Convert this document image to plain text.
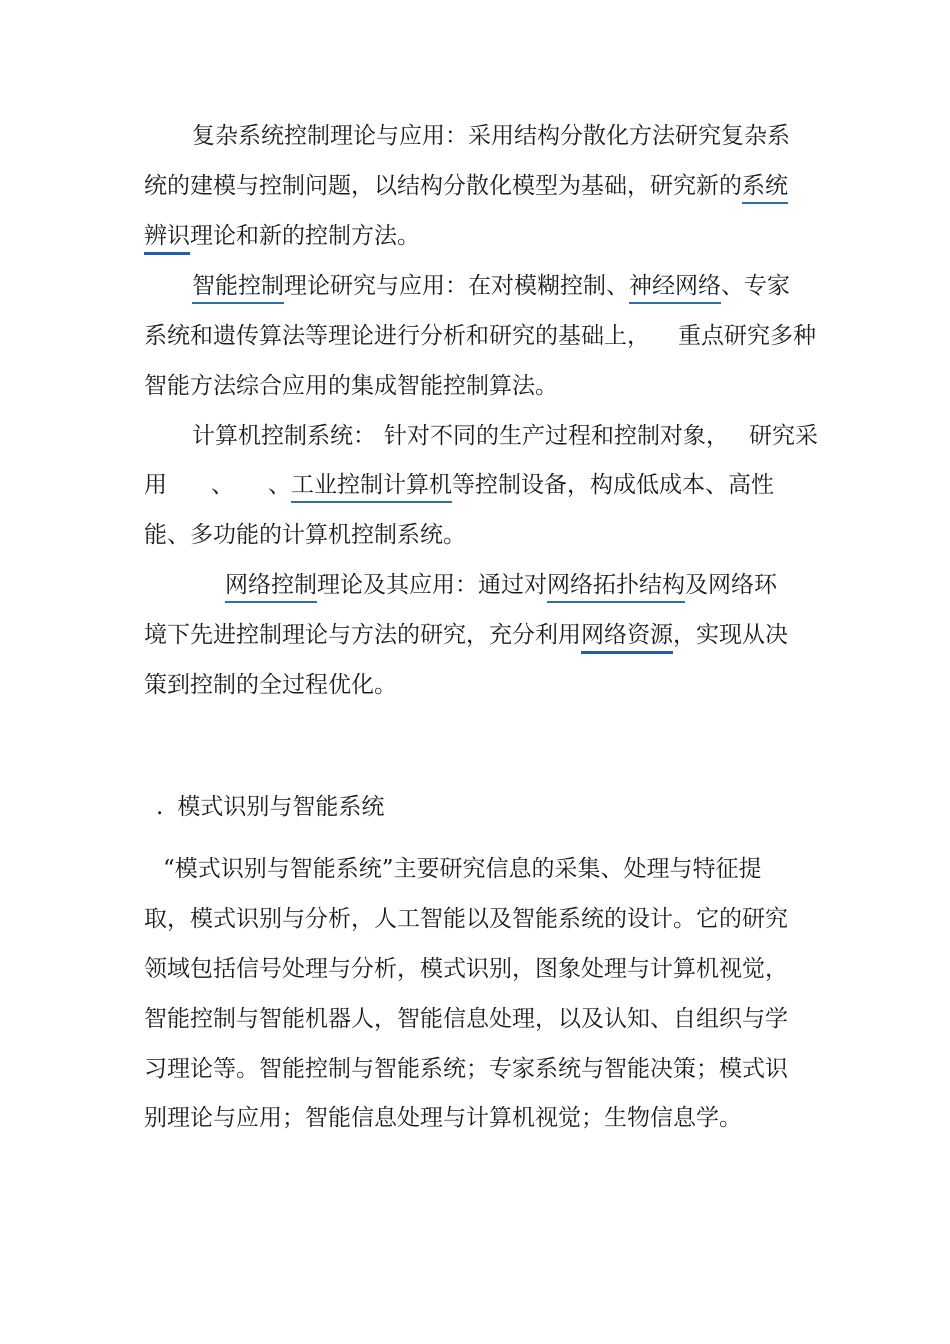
复杂系统控制理论与应用：采用结构分散化方法研究复杂系
统的建模与控制问题，以结构分散化模型为基础，研究新的系统
辨识理论和新的控制方法。
智能控制理论研究与应用：在对模糊控制、神经网络、专家
系统和遗传算法等理论进行分析和研究的基础上， 重点研究多种
智能方法综合应用的集成智能控制算法。
计算机控制系统： 针对不同的生产过程和控制对象， 研究采
用 、 、工业控制计算机等控制设备，构成低成本、高性
能、多功能的计算机控制系统。
网络控制理论及其应用：通过对网络拓扑结构及网络环
境下先进控制理论与方法的研究，充分利用网络资源，实现从决
策到控制的全过程优化。
. 模式识别与智能系统
“模式识别与智能系统”主要研究信息的采集、处理与特征提
取，模式识别与分析，人工智能以及智能系统的设计。它的研究
领域包括信号处理与分析，模式识别，图象处理与计算机视觉，
智能控制与智能机器人，智能信息处理，以及认知、自组织与学
习理论等。智能控制与智能系统；专家系统与智能决策；模式识
别理论与应用；智能信息处理与计算机视觉；生物信息学。
